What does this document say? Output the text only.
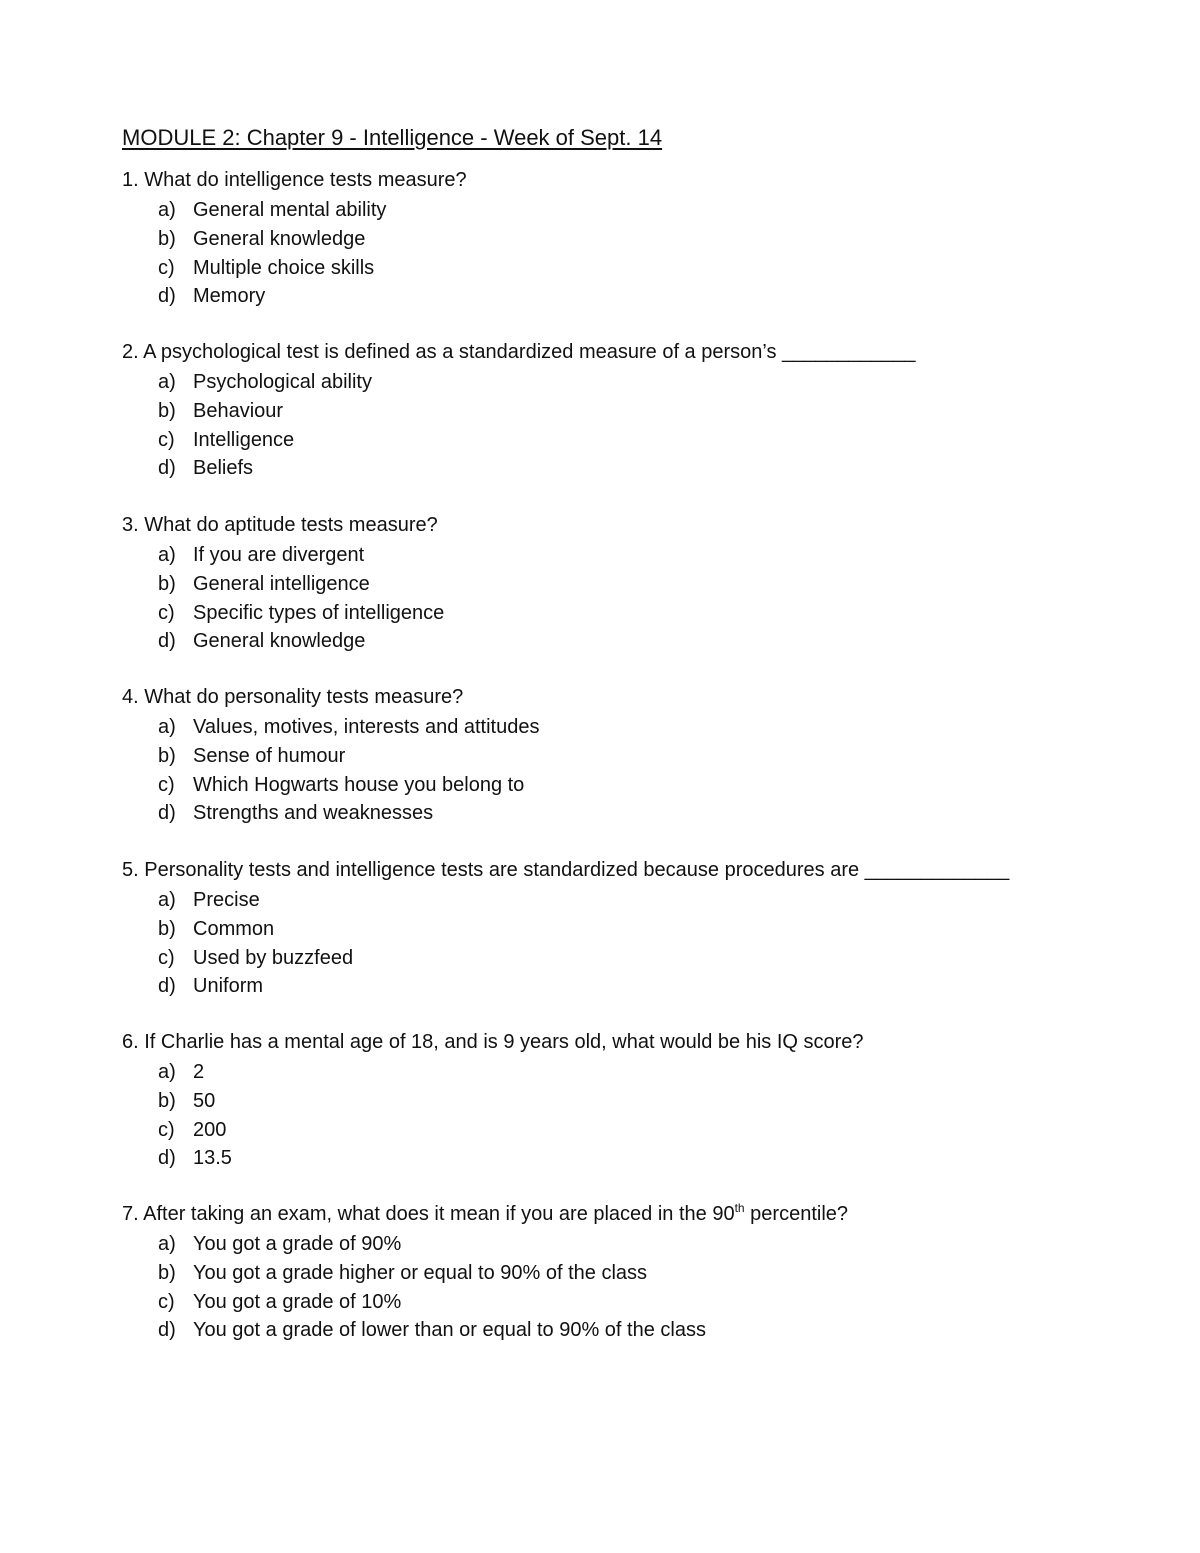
MODULE 2: Chapter 9 - Intelligence - Week of Sept. 14
1. What do intelligence tests measure?
a) General mental ability
b) General knowledge
c) Multiple choice skills
d) Memory
2. A psychological test is defined as a standardized measure of a person’s ____________
a) Psychological ability
b) Behaviour
c) Intelligence
d) Beliefs
3. What do aptitude tests measure?
a) If you are divergent
b) General intelligence
c) Specific types of intelligence
d) General knowledge
4. What do personality tests measure?
a) Values, motives, interests and attitudes
b) Sense of humour
c) Which Hogwarts house you belong to
d) Strengths and weaknesses
5. Personality tests and intelligence tests are standardized because procedures are _____________
a) Precise
b) Common
c) Used by buzzfeed
d) Uniform
6. If Charlie has a mental age of 18, and is 9 years old, what would be his IQ score?
a) 2
b) 50
c) 200
d) 13.5
7. After taking an exam, what does it mean if you are placed in the 90th percentile?
a) You got a grade of 90%
b) You got a grade higher or equal to 90% of the class
c) You got a grade of 10%
d) You got a grade of lower than or equal to 90% of the class
